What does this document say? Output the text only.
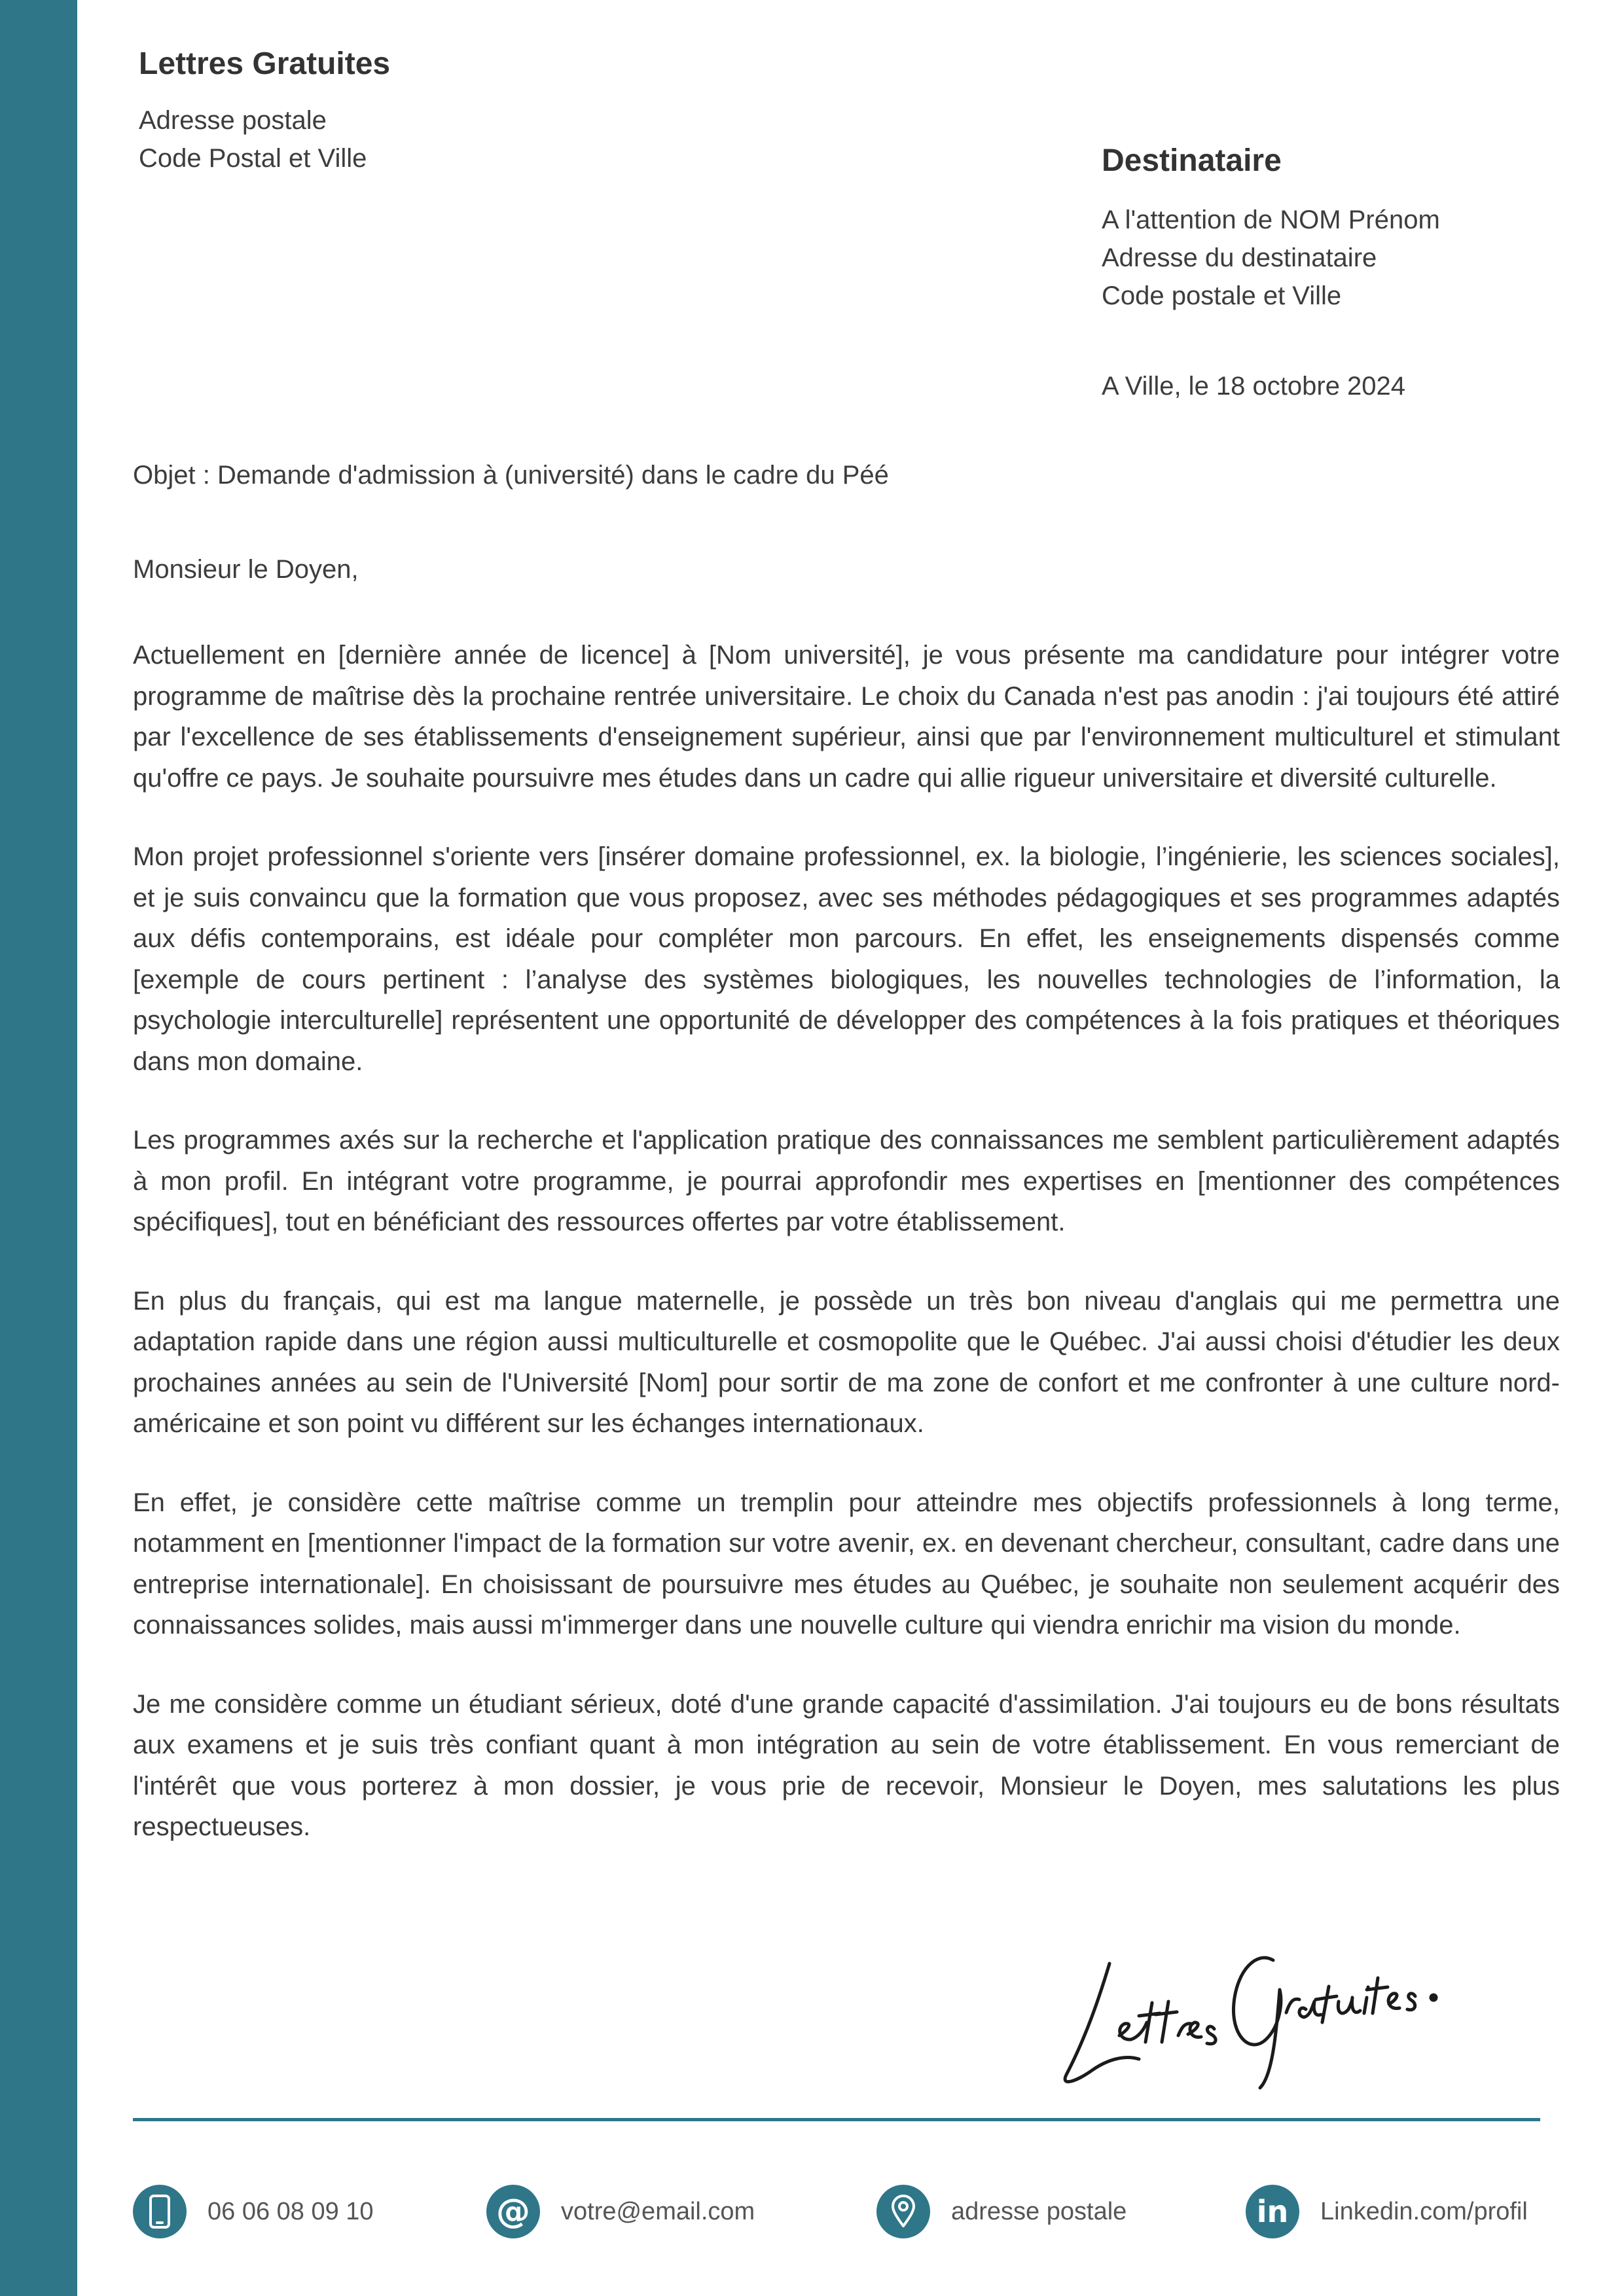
Lettres Gratuites
Adresse postale
Code Postal et Ville	Destinataire
A l'attention de NOM Prénom
Adresse du destinataire
Code postale et Ville
A Ville, le 18 octobre 2024
Objet : Demande d'admission à (université) dans le cadre du Péé
Monsieur le Doyen,

Actuellement en [dernière année de licence] à [Nom université], je vous présente ma candidature pour intégrer votre programme de maîtrise dès la prochaine rentrée universitaire. Le choix du Canada n'est pas anodin : j'ai toujours été attiré par l'excellence de ses établissements d'enseignement supérieur, ainsi que par l'environnement multiculturel et stimulant qu'offre ce pays. Je souhaite poursuivre mes études dans un cadre qui allie rigueur universitaire et diversité culturelle.

Mon projet professionnel s'oriente vers [insérer domaine professionnel, ex. la biologie, l’ingénierie, les sciences sociales], et je suis convaincu que la formation que vous proposez, avec ses méthodes pédagogiques et ses programmes adaptés aux défis contemporains, est idéale pour compléter mon parcours. En effet, les enseignements dispensés comme [exemple de cours pertinent : l’analyse des systèmes biologiques, les nouvelles technologies de l’information, la psychologie interculturelle] représentent une opportunité de développer des compétences à la fois pratiques et théoriques dans mon domaine.

Les programmes axés sur la recherche et l'application pratique des connaissances me semblent particulièrement adaptés à mon profil. En intégrant votre programme, je pourrai approfondir mes expertises en [mentionner des compétences spécifiques], tout en bénéficiant des ressources offertes par votre établissement.

En plus du français, qui est ma langue maternelle, je possède un très bon niveau d'anglais qui me permettra une adaptation rapide dans une région aussi multiculturelle et cosmopolite que le Québec. J'ai aussi choisi d'étudier les deux prochaines années au sein de l'Université [Nom] pour sortir de ma zone de confort et me confronter à une culture nord-américaine et son point vu différent sur les échanges internationaux.

En effet, je considère cette maîtrise comme un tremplin pour atteindre mes objectifs professionnels à long terme, notamment en [mentionner l'impact de la formation sur votre avenir, ex. en devenant chercheur, consultant, cadre dans une entreprise internationale]. En choisissant de poursuivre mes études au Québec, je souhaite non seulement acquérir des connaissances solides, mais aussi m'immerger dans une nouvelle culture qui viendra enrichir ma vision du monde.

Je me considère comme un étudiant sérieux, doté d'une grande capacité d'assimilation. J'ai toujours eu de bons résultats aux examens et je suis très confiant quant à mon intégration au sein de votre établissement. En vous remerciant de l'intérêt que vous porterez à mon dossier, je vous prie de recevoir, Monsieur le Doyen, mes salutations les plus respectueuses.

06 06 08 09 10	@ votre@email.com	adresse postale	in Linkedin.com/profil
